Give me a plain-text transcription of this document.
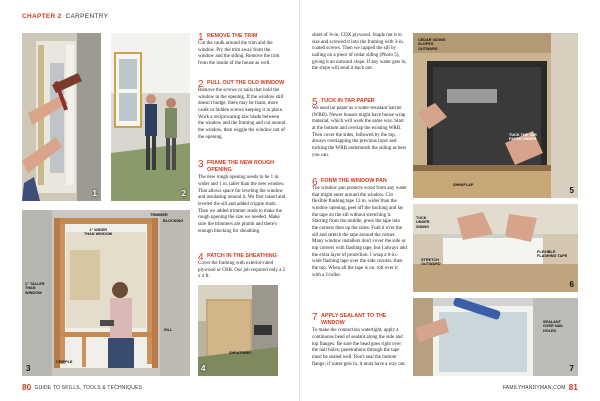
CHAPTER 2 CARPENTRY
1	2
1 REMOVE THE TRIM

Cut the caulk around the trim and the window. Pry the trim away from the window and the siding. Remove the trim from the inside of the house as well.

2 PULL OUT THE OLD WINDOW

Remove the screws or nails that hold the window in the opening. If the window still doesn't budge, there may be foam, more caulk or hidden screws keeping it in place. Work a reciprocating saw blade between the window and the framing and cut around the window, then wiggle the window out of the opening.

3 FRAME THE NEW ROUGH OPENING

The new rough opening needs to be 1 in. wider and 1 in. taller than the new window. That allows space for leveling the window and insulating around it. We first raised and leveled the sill and added cripple studs. Then we added trimmer studs to make the rough opening the size we needed. Make sure the trimmers are plumb and there's enough blocking for sheathing.

4 PATCH IN THE SHEATHING

Cover the framing with exterior-rated plywood or OSB. Our job required only a 2 x 4 ft.

TRIMMER
BLOCKING
1" WIDER
THAN WINDOW
1" TALLER
THAN
WINDOW
SILL
CRIPPLE
3
SHEATHING
4
80 GUIDE TO SKILLS, TOOLS & TECHNIQUES

sheet of ⅜-in. CDX plywood. Staple nut it to size and screwed it into the framing with 3-in. coated screws. Then we capped the sill by nailing on a piece of cedar siding (Photo 5), giving it an outward slope. If any water gets in, the slope will send it back out.

5 TUCK IN TAR PAPER

We used tar paper as a water-resistant barrier (WRB). Newer houses might have house wrap material, which will work the same way. Start at the bottom and overlap the existing WRB. Then cover the sides, followed by the top, always overlapping the previous layer and tucking the WRB underneath the siding as best you can.

6 FORM THE WINDOW PAN

The window pan protects wood from any water that might enter around the window. Cut flexible flashing tape 12 in. wider than the window opening, peel off the backing and lay the tape on the sill without stretching it. Starting from the middle, press the tape into the corners then up the sides. Fold it over the sill and stretch the tape around the corner. Many window installers don't cover the side or top corners with flashing tape, but I always add the extra layer of protection. I wrap a 6-in.-wide flashing tape over the side corners, then the top. When all the tape is on, roll over it with a J-roller.

7 APPLY SEALANT TO THE WINDOW

To make the connection watertight, apply a continuous bead of sealant along the side and top flanges. Be sure the bead goes right over the nail holes; penetrations through the tape must be sealed well. Don't seal the bottom flange; if water gets in, it must have a way out.

CEDAR SIDING
SLOPES
OUTWARD
TUCK THE TAR
PAPER UNDER
SHIM/FLAP
5
TUCK
UNDER
SIDING
FLEXIBLE
FLASHING TAPE
STRETCH
OUTWARD
6
SEALANT
OVER NAIL
HOLES
7
FAMILYHANDYMAN.COM 81
